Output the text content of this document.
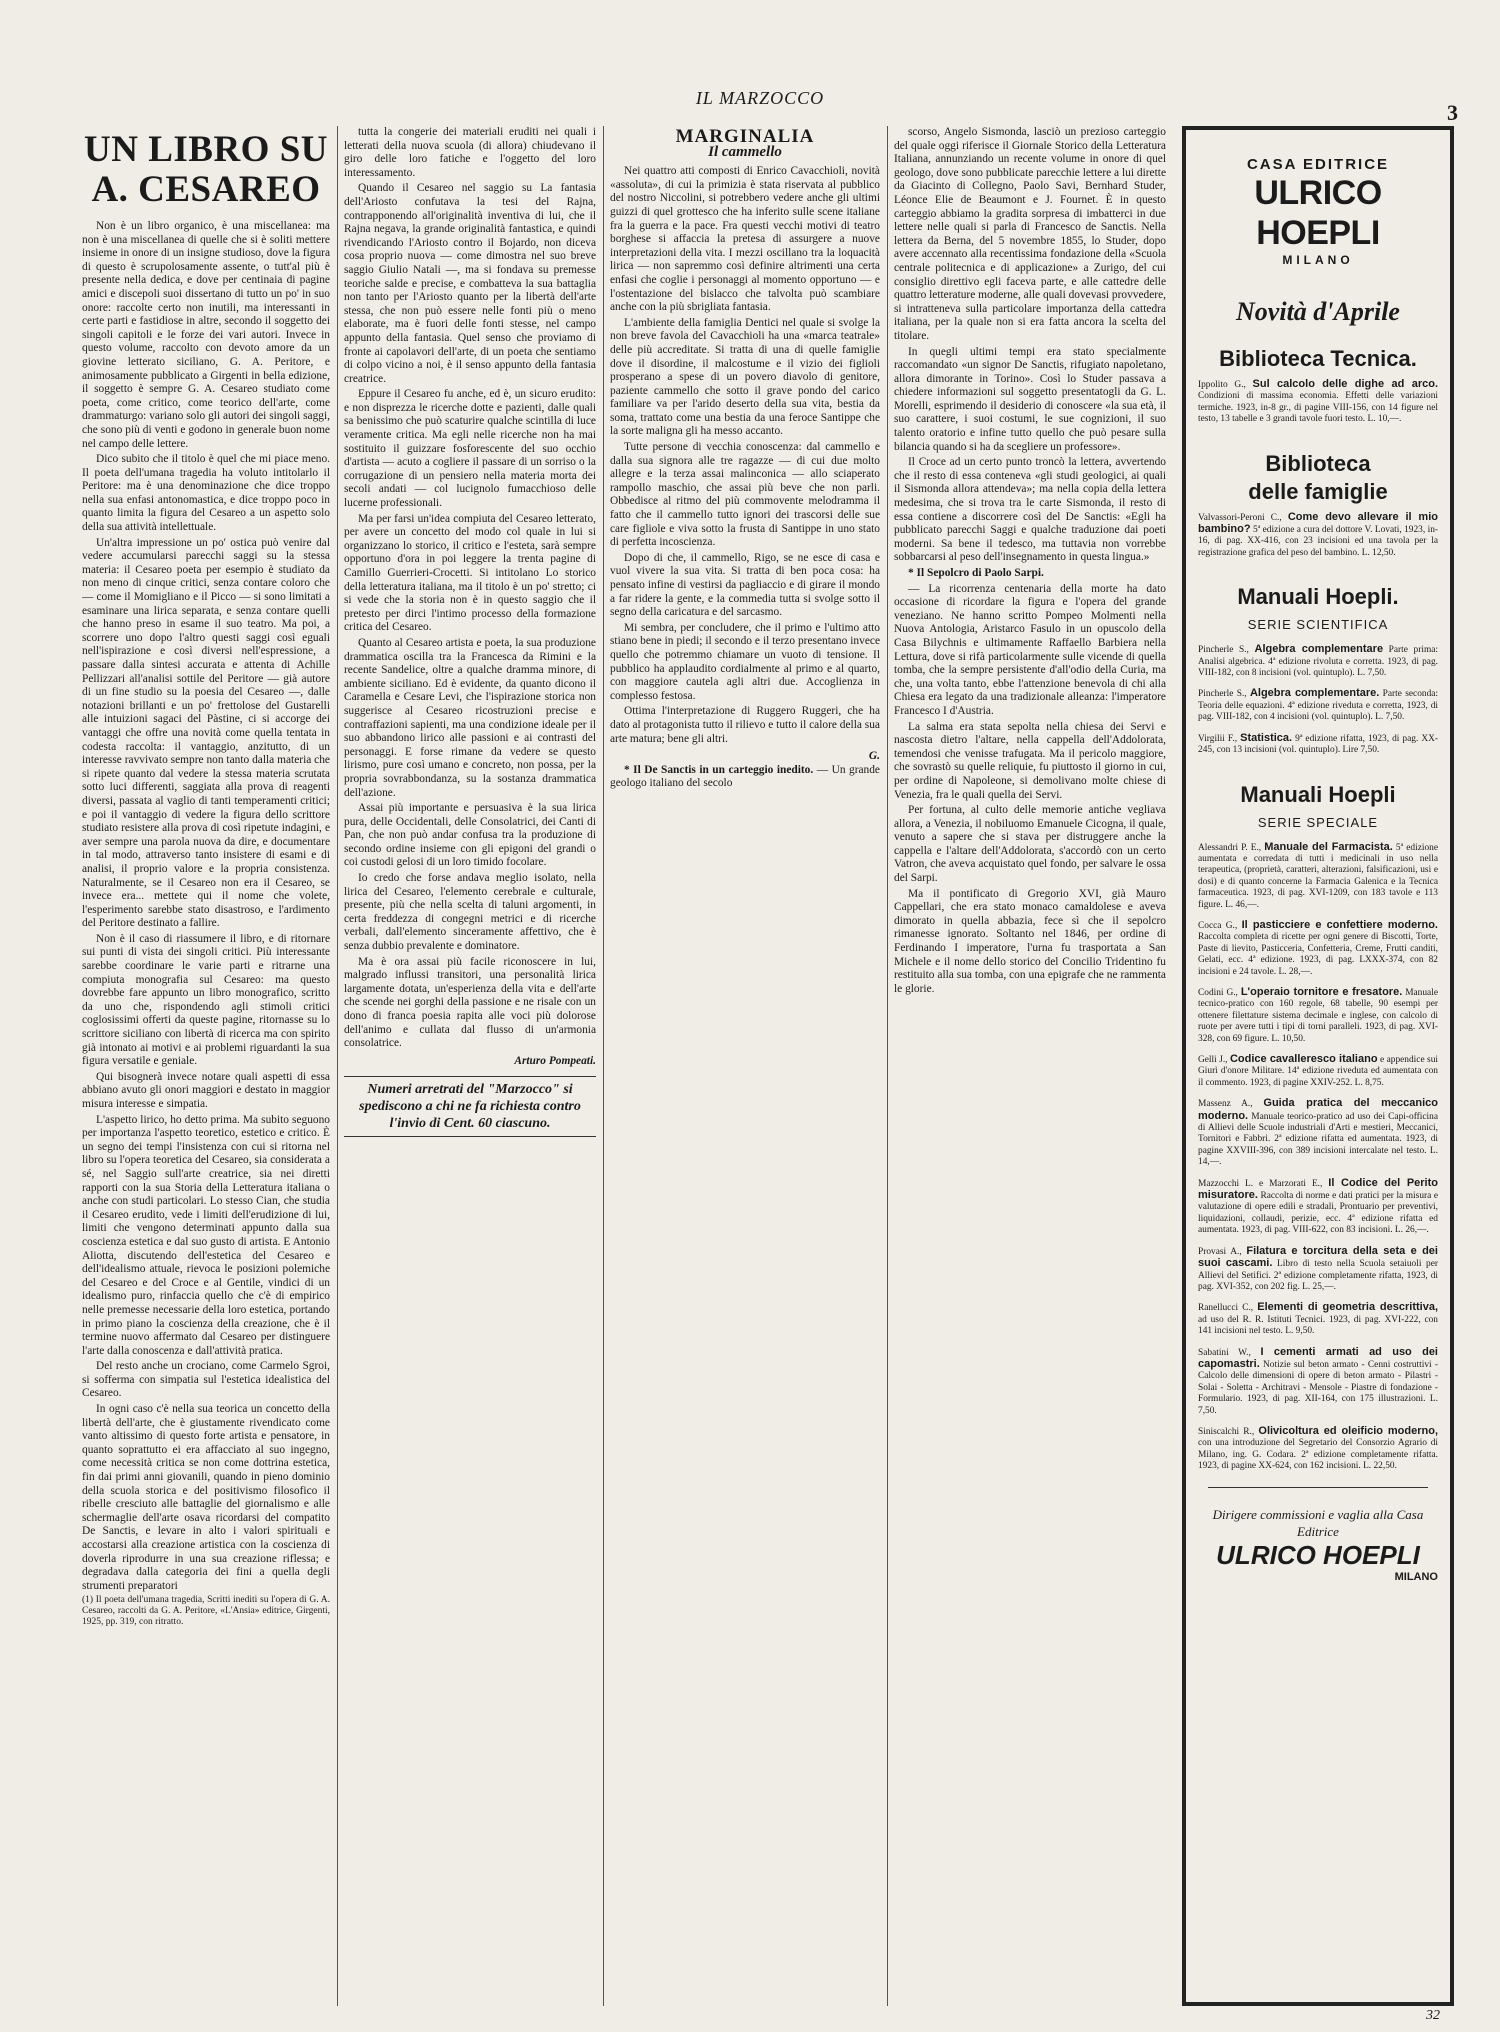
IL MARZOCCO
3
UN LIBRO SU A. CESAREO

Non è un libro organico, è una miscellanea: ma non è una miscellanea di quelle che si è soliti mettere insieme in onore di un insigne studioso, dove la figura di questo è scrupolosamente assente, o tutt'al più è presente nella dedica, e dove per centinaia di pagine amici e discepoli suoi dissertano di tutto un po' in suo onore: raccolte certo non inutili, ma interessanti in certe parti e fastidiose in altre, secondo il soggetto dei singoli capitoli e le forze dei vari autori. Invece in questo volume, raccolto con devoto amore da un giovine letterato siciliano, G. A. Peritore, e animosamente pubblicato a Girgenti in bella edizione, il soggetto è sempre G. A. Cesareo studiato come poeta, come critico, come teorico dell'arte, come drammaturgo: variano solo gli autori dei singoli saggi, che sono più di venti e godono in generale buon nome nel campo delle lettere.

Dico subito che il titolo è quel che mi piace meno. Il poeta dell'umana tragedia ha voluto intitolarlo il Peritore: ma è una denominazione che dice troppo nella sua enfasi antonomastica, e dice troppo poco in quanto limita la figura del Cesareo a un aspetto solo della sua attività intellettuale.

Un'altra impressione un po' ostica può venire dal vedere accumularsi parecchi saggi su la stessa materia: il Cesareo poeta per esempio è studiato da non meno di cinque critici, senza contare coloro che — come il Momigliano e il Picco — si sono limitati a esaminare una lirica separata, e senza contare quelli che hanno preso in esame il suo teatro. Ma poi, a scorrere uno dopo l'altro questi saggi così eguali nell'ispirazione e così diversi nell'espressione, a passare dalla sintesi accurata e attenta di Achille Pellizzari all'analisi sottile del Peritore — già autore di un fine studio su la poesia del Cesareo —, dalle notazioni brillanti e un po' frettolose del Gustarelli alle intuizioni sagaci del Pàstine, ci si accorge dei vantaggi che offre una novità come quella tentata in codesta raccolta: il vantaggio, anzitutto, di un interesse ravvivato sempre non tanto dalla materia che si ripete quanto dal vedere la stessa materia scrutata sotto luci differenti, saggiata alla prova di reagenti diversi, passata al vaglio di tanti temperamenti critici; e poi il vantaggio di vedere la figura dello scrittore studiato resistere alla prova di così ripetute indagini, e aver sempre una parola nuova da dire, e documentare in tal modo, attraverso tanto insistere di esami e di analisi, il proprio valore e la propria consistenza. Naturalmente, se il Cesareo non era il Cesareo, se invece era... mettete qui il nome che volete, l'esperimento sarebbe stato disastroso, e l'ardimento del Peritore destinato a fallire.

Non è il caso di riassumere il libro, e di ritornare sui punti di vista dei singoli critici. Più interessante sarebbe coordinare le varie parti e ritrarne una compiuta monografia sul Cesareo: ma questo dovrebbe fare appunto un libro monografico, scritto da uno che, rispondendo agli stimoli critici coglosissimi offerti da queste pagine, ritornasse su lo scrittore siciliano con libertà di ricerca ma con spirito già intonato ai motivi e ai problemi riguardanti la sua figura versatile e geniale.

Qui bisognerà invece notare quali aspetti di essa abbiano avuto gli onori maggiori e destato in maggior misura interesse e simpatia.

L'aspetto lirico, ho detto prima. Ma subito seguono per importanza l'aspetto teoretico, estetico e critico. È un segno dei tempi l'insistenza con cui si ritorna nel libro su l'opera teoretica del Cesareo, sia considerata a sé, nel Saggio sull'arte creatrice, sia nei diretti rapporti con la sua Storia della Letteratura italiana o anche con studi particolari. Lo stesso Cian, che studia il Cesareo erudito, vede i limiti dell'erudizione di lui, limiti che vengono determinati appunto dalla sua coscienza estetica e dal suo gusto di artista. E Antonio Aliotta, discutendo dell'estetica del Cesareo e dell'idealismo attuale, rievoca le posizioni polemiche del Cesareo e del Croce e al Gentile, vindici di un idealismo puro, rinfaccia quello che c'è di empirico nelle premesse necessarie della loro estetica, portando in primo piano la coscienza della creazione, che è il termine nuovo affermato dal Cesareo per distinguere l'arte dalla conoscenza e dall'attività pratica.

Del resto anche un crociano, come Carmelo Sgroi, si sofferma con simpatia sul l'estetica idealistica del Cesareo.

In ogni caso c'è nella sua teorica un concetto della libertà dell'arte, che è giustamente rivendicato come vanto altissimo di questo forte artista e pensatore, in quanto soprattutto ei era affacciato al suo ingegno, come necessità critica se non come dottrina estetica, fin dai primi anni giovanili, quando in pieno dominio della scuola storica e del positivismo filosofico il ribelle cresciuto alle battaglie del giornalismo e alle schermaglie dell'arte osava ricordarsi del compatito De Sanctis, e levare in alto i valori spirituali e accostarsi alla creazione artistica con la coscienza di doverla riprodurre in una sua creazione riflessa; e degradava dalla categoria dei fini a quella degli strumenti preparatori

(1) Il poeta dell'umana tragedia, Scritti inediti su l'opera di G. A. Cesareo, raccolti da G. A. Peritore, «L'Ansia» editrice, Girgenti, 1925, pp. 319, con ritratto.

tutta la congerie dei materiali eruditi nei quali i letterati della nuova scuola (di allora) chiudevano il giro delle loro fatiche e l'oggetto del loro interessamento.

Quando il Cesareo nel saggio su La fantasia dell'Ariosto confutava la tesi del Rajna, contrapponendo all'originalità inventiva di lui, che il Rajna negava, la grande originalità fantastica, e quindi rivendicando l'Ariosto contro il Bojardo, non diceva cosa proprio nuova — come dimostra nel suo breve saggio Giulio Natali —, ma si fondava su premesse teoriche salde e precise, e combatteva la sua battaglia non tanto per l'Ariosto quanto per la libertà dell'arte stessa, che non può essere nelle fonti più o meno elaborate, ma è fuori delle fonti stesse, nel campo appunto della fantasia. Quel senso che proviamo di fronte ai capolavori dell'arte, di un poeta che sentiamo di colpo vicino a noi, è il senso appunto della fantasia creatrice.

Eppure il Cesareo fu anche, ed è, un sicuro erudito: e non disprezza le ricerche dotte e pazienti, dalle quali sa benissimo che può scaturire qualche scintilla di luce veramente critica. Ma egli nelle ricerche non ha mai sostituito il guizzare fosforescente del suo occhio d'artista — acuto a cogliere il passare di un sorriso o la corrugazione di un pensiero nella materia morta dei secoli andati — col lucignolo fumacchioso delle lucerne professionali.

Ma per farsi un'idea compiuta del Cesareo letterato, per avere un concetto del modo col quale in lui si organizzano lo storico, il critico e l'esteta, sarà sempre opportuno d'ora in poi leggere la trenta pagine di Camillo Guerrieri-Crocetti. Si intitolano Lo storico della letteratura italiana, ma il titolo è un po' stretto; ci si vede che la storia non è in questo saggio che il pretesto per dirci l'intimo processo della formazione critica del Cesareo.

Quanto al Cesareo artista e poeta, la sua produzione drammatica oscilla tra la Francesca da Rimini e la recente Sandelice, oltre a qualche dramma minore, di ambiente siciliano. Ed è evidente, da quanto dicono il Caramella e Cesare Levi, che l'ispirazione storica non suggerisce al Cesareo ricostruzioni precise e contraffazioni sapienti, ma una condizione ideale per il suo abbandono lirico alle passioni e ai contrasti del personaggi. E forse rimane da vedere se questo lirismo, pure così umano e concreto, non possa, per la propria sovrabbondanza, su la sostanza drammatica dell'azione.

Assai più importante e persuasiva è la sua lirica pura, delle Occidentali, delle Consolatrici, dei Canti di Pan, che non può andar confusa tra la produzione di secondo ordine insieme con gli epigoni del grandi o coi custodi gelosi di un loro timido focolare.

Io credo che forse andava meglio isolato, nella lirica del Cesareo, l'elemento cerebrale e culturale, presente, più che nella scelta di taluni argomenti, in certa freddezza di congegni metrici e di ricerche verbali, dall'elemento sinceramente affettivo, che è senza dubbio prevalente e dominatore.

Ma è ora assai più facile riconoscere in lui, malgrado influssi transitori, una personalità lirica largamente dotata, un'esperienza della vita e dell'arte che scende nei gorghi della passione e ne risale con un dono di franca poesia rapita alle voci più dolorose dell'animo e cullata dal flusso di un'armonia consolatrice.

Arturo Pompeati.
Numeri arretrati del "Marzocco" si spediscono a chi ne fa richiesta contro l'invio di Cent. 60 ciascuno.
MARGINALIA
Il cammello

Nei quattro atti composti di Enrico Cavacchioli, novità «assoluta», di cui la primizia è stata riservata al pubblico del nostro Niccolini, si potrebbero vedere anche gli ultimi guizzi di quel grottesco che ha inferito sulle scene italiane fra la guerra e la pace. Fra questi vecchi motivi di teatro borghese si affaccia la pretesa di assurgere a nuove interpretazioni della vita. I mezzi oscillano tra la loquacità lirica — non sapremmo così definire altrimenti una certa enfasi che coglie i personaggi al momento opportuno — e l'ostentazione del bislacco che talvolta può scambiare anche con la più sbrigliata fantasia.

L'ambiente della famiglia Dentici nel quale si svolge la non breve favola del Cavacchioli ha una «marca teatrale» delle più accreditate. Si tratta di una di quelle famiglie dove il disordine, il malcostume e il vizio dei figlioli prosperano a spese di un povero diavolo di genitore, paziente cammello che sotto il grave pondo del carico familiare va per l'arido deserto della sua vita, bestia da soma, trattato come una bestia da una feroce Santippe che la sorte maligna gli ha messo accanto.

Tutte persone di vecchia conoscenza: dal cammello e dalla sua signora alle tre ragazze — di cui due molto allegre e la terza assai malinconica — allo sciaperato rampollo maschio, che assai più beve che non parli. Obbedisce al ritmo del più commovente melodramma il fatto che il cammello tutto ignori dei trascorsi delle sue care figliole e viva sotto la frusta di Santippe in uno stato di perfetta incoscienza.

Dopo di che, il cammello, Rigo, se ne esce di casa e vuol vivere la sua vita. Si tratta di ben poca cosa: ha pensato infine di vestirsi da pagliaccio e di girare il mondo a far ridere la gente, e la commedia tutta si svolge sotto il segno della caricatura e del sarcasmo.

Mi sembra, per concludere, che il primo e l'ultimo atto stiano bene in piedi; il secondo e il terzo presentano invece quello che potremmo chiamare un vuoto di tensione. Il pubblico ha applaudito cordialmente al primo e al quarto, con maggiore cautela agli altri due. Accoglienza in complesso festosa.

Ottima l'interpretazione di Ruggero Ruggeri, che ha dato al protagonista tutto il rilievo e tutto il calore della sua arte matura; bene gli altri.

G.

* Il De Sanctis in un carteggio inedito. — Un grande geologo italiano del secolo

scorso, Angelo Sismonda, lasciò un prezioso carteggio del quale oggi riferisce il Giornale Storico della Letteratura Italiana, annunziando un recente volume in onore di quel geologo, dove sono pubblicate parecchie lettere a lui dirette da Giacinto di Collegno, Paolo Savi, Bernhard Studer, Léonce Elie de Beaumont e J. Fournet. È in questo carteggio abbiamo la gradita sorpresa di imbatterci in due lettere nelle quali si parla di Francesco de Sanctis. Nella lettera da Berna, del 5 novembre 1855, lo Studer, dopo avere accennato alla recentissima fondazione della «Scuola centrale politecnica e di applicazione» a Zurigo, del cui consiglio direttivo egli faceva parte, e alle cattedre delle quattro letterature moderne, alle quali dovevasi provvedere, si intratteneva sulla particolare importanza della cattedra italiana, per la quale non si era fatta ancora la scelta del titolare.

In quegli ultimi tempi era stato specialmente raccomandato «un signor De Sanctis, rifugiato napoletano, allora dimorante in Torino». Così lo Studer passava a chiedere informazioni sul soggetto presentatogli da G. L. Morelli, esprimendo il desiderio di conoscere «la sua età, il suo carattere, i suoi costumi, le sue cognizioni, il suo talento oratorio e infine tutto quello che può pesare sulla bilancia quando si ha da scegliere un professore».

Il Croce ad un certo punto troncò la lettera, avvertendo che il resto di essa conteneva «gli studi geologici, ai quali il Sismonda allora attendeva»; ma nella copia della lettera medesima, che si trova tra le carte Sismonda, il resto di essa contiene a discorrere così del De Sanctis: «Egli ha pubblicato parecchi Saggi e qualche traduzione dai poeti moderni. Sa bene il tedesco, ma tuttavia non vorrebbe sobbarcarsi al peso dell'insegnamento in questa lingua.»

* Il Sepolcro di Paolo Sarpi.

— La ricorrenza centenaria della morte ha dato occasione di ricordare la figura e l'opera del grande veneziano. Ne hanno scritto Pompeo Molmenti nella Nuova Antologia, Aristarco Fasulo in un opuscolo della Casa Bilychnis e ultimamente Raffaello Barbiera nella Lettura, dove si rifà particolarmente sulle vicende di quella tomba, che la sempre persistente d'all'odio della Curia, ma che, una volta tanto, ebbe l'attenzione benevola di chi alla Chiesa era legato da una tradizionale alleanza: l'imperatore Francesco I d'Austria.

La salma era stata sepolta nella chiesa dei Servi e nascosta dietro l'altare, nella cappella dell'Addolorata, temendosi che venisse trafugata. Ma il pericolo maggiore, che sovrastò su quelle reliquie, fu piuttosto il giorno in cui, per ordine di Napoleone, si demolivano molte chiese di Venezia, fra le quali quella dei Servi.

Per fortuna, al culto delle memorie antiche vegliava allora, a Venezia, il nobiluomo Emanuele Cicogna, il quale, venuto a sapere che si stava per distruggere anche la cappella e l'altare dell'Addolorata, s'accordò con un certo Vatron, che aveva acquistato quel fondo, per salvare le ossa del Sarpi.

Ma il pontificato di Gregorio XVI, già Mauro Cappellari, che era stato monaco camaldolese e aveva dimorato in quella abbazia, fece sì che il sepolcro rimanesse ignorato. Soltanto nel 1846, per ordine di Ferdinando I imperatore, l'urna fu trasportata a San Michele e il nome dello storico del Concilio Tridentino fu restituito alla sua tomba, con una epigrafe che ne rammenta le glorie.

CASA EDITRICE
ULRICO HOEPLI
MILANO
Novità d'Aprile
Biblioteca Tecnica.
Ippolito G., Sul calcolo delle dighe ad arco. Condizioni di massima economia. Effetti delle variazioni termiche. 1923, in-8 gr., di pagine VIII-156, con 14 figure nel testo, 13 tabelle e 3 grandi tavole fuori testo. L. 10,—.
Biblioteca
delle famiglie
Valvassori-Peroni C., Come devo allevare il mio bambino? 5ª edizione a cura del dottore V. Lovati, 1923, in-16, di pag. XX-416, con 23 incisioni ed una tavola per la registrazione grafica del peso del bambino. L. 12,50.
Manuali Hoepli.
SERIE SCIENTIFICA
Pincherle S., Algebra complementare Parte prima: Analisi algebrica. 4ª edizione rivoluta e corretta. 1923, di pag. VIII-182, con 8 incisioni (vol. quintuplo). L. 7,50.
Pincherle S., Algebra complementare. Parte seconda: Teoria delle equazioni. 4ª edizione riveduta e corretta, 1923, di pag. VIII-182, con 4 incisioni (vol. quintuplo). L. 7,50.
Virgilii F., Statistica. 9ª edizione rifatta, 1923, di pag. XX-245, con 13 incisioni (vol. quintuplo). Lire 7,50.
Manuali Hoepli
SERIE SPECIALE
Alessandri P. E., Manuale del Farmacista. 5ª edizione aumentata e corredata di tutti i medicinali in uso nella terapeutica, (proprietà, caratteri, alterazioni, falsificazioni, usi e dosi) e di quanto concerne la Farmacia Galenica e la Tecnica farmaceutica. 1923, di pag. XVI-1209, con 183 tavole e 113 figure. L. 46,—.
Cocca G., Il pasticciere e confettiere moderno. Raccolta completa di ricette per ogni genere di Biscotti, Torte, Paste di lievito, Pasticceria, Confetteria, Creme, Frutti canditi, Gelati, ecc. 4ª edizione. 1923, di pag. LXXX-374, con 82 incisioni e 24 tavole. L. 28,—.
Codini G., L'operaio tornitore e fresatore. Manuale tecnico-pratico con 160 regole, 68 tabelle, 90 esempi per ottenere filettature sistema decimale e inglese, con calcolo di ruote per avere tutti i tipi di torni paralleli. 1923, di pag. XVI-328, con 69 figure. L. 10,50.
Gelli J., Codice cavalleresco italiano e appendice sui Giurì d'onore Militare. 14ª edizione riveduta ed aumentata con il commento. 1923, di pagine XXIV-252. L. 8,75.
Massenz A., Guida pratica del meccanico moderno. Manuale teorico-pratico ad uso dei Capi-officina di Allievi delle Scuole industriali d'Arti e mestieri, Meccanici, Tornitori e Fabbri. 2ª edizione rifatta ed aumentata. 1923, di pagine XXVIII-396, con 389 incisioni intercalate nel testo. L. 14,—.
Mazzocchi L. e Marzorati E., Il Codice del Perito misuratore. Raccolta di norme e dati pratici per la misura e valutazione di opere edili e stradali, Prontuario per preventivi, liquidazioni, collaudi, perizie, ecc. 4ª edizione rifatta ed aumentata. 1923, di pag. VIII-622, con 83 incisioni. L. 26,—.
Provasi A., Filatura e torcitura della seta e dei suoi cascami. Libro di testo nella Scuola setaiuoli per Allievi del Setifici. 2ª edizione completamente rifatta, 1923, di pag. XVI-352, con 202 fig. L. 25,—.
Ranellucci C., Elementi di geometria descrittiva, ad uso del R. R. Istituti Tecnici. 1923, di pag. XVI-222, con 141 incisioni nel testo. L. 9,50.
Sabatini W., I cementi armati ad uso dei capomastri. Notizie sul beton armato - Cenni costruttivi - Calcolo delle dimensioni di opere di beton armato - Pilastri - Solai - Soletta - Architravi - Mensole - Piastre di fondazione - Formulario. 1923, di pag. XII-164, con 175 illustrazioni. L. 7,50.
Siniscalchi R., Olivicoltura ed oleificio moderno, con una introduzione del Segretario del Consorzio Agrario di Milano, ing. G. Codara. 2ª edizione completamente rifatta. 1923, di pagine XX-624, con 162 incisioni. L. 22,50.
Dirigere commissioni e vaglia alla Casa Editrice
ULRICO HOEPLI
MILANO
32
